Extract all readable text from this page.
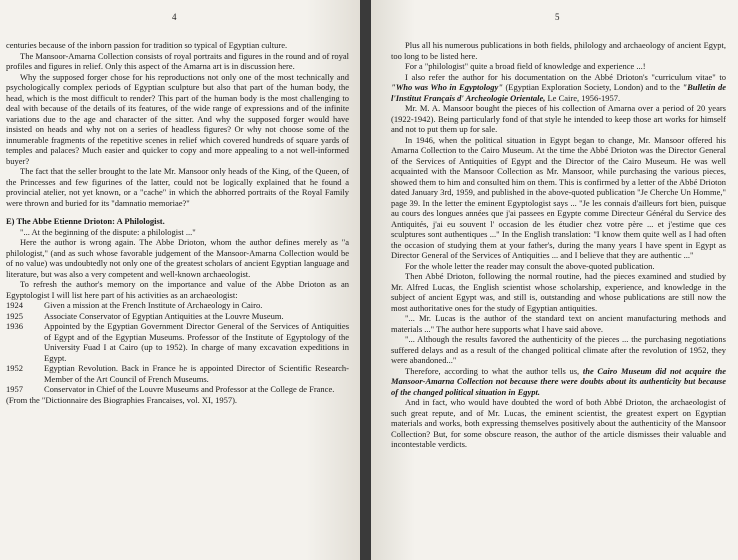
4

centuries because of the inborn passion for tradition so typical of Egyptian culture.

The Mansoor-Amarna Collection consists of royal portraits and figures in the round and of royal profiles and figures in relief. Only this aspect of the Amarna art is in discussion here.

Why the supposed forger chose for his reproductions not only one of the most technically and psychologically complex periods of Egyptian sculpture but also that part of the human body, the head, which is the most difficult to render? This part of the human body is the most challenging to deal with because of the details of its features, of the wide range of expressions and of the infinite variations due to the age and character of the sitter. And why the supposed forger would have insisted on heads and why not on a series of headless figures? Or why not choose some of the innumerable fragments of the repetitive scenes in relief which covered hundreds of square yards of temples and palaces? Much easier and quicker to copy and more appealing to a not well-informed buyer?

The fact that the seller brought to the late Mr. Mansoor only heads of the King, of the Queen, of the Princesses and few figurines of the latter, could not be logically explained that he found a provincial atelier, not yet known, or a "cache" in which the abhorred portraits of the Royal Family were thrown and buried for its "damnatio memoriae?"

E) The Abbe Etienne Drioton: A Philologist.

"... At the beginning of the dispute: a philologist ..."

Here the author is wrong again. The Abbe Drioton, whom the author defines merely as "a philologist," (and as such whose favorable judgement of the Mansoor-Amarna Collection would be of no value) was undoubtedly not only one of the greatest scholars of ancient Egyptian language and literature, but was also a very competent and well-known archaeologist.

To refresh the author's memory on the importance and value of the Abbe Drioton as an Egyptologist I will list here part of his activities as an archaeologist:

1924	Given a mission at the French Institute of Archaeology in Cairo.
1925	Associate Conservator of Egyptian Antiquities at the Louvre Museum.
1936	Appointed by the Egyptian Government Director General of the Services of Antiquities of Egypt and of the Egyptian Museums. Professor of the Institute of Egyptology of the University Fuad I at Cairo (up to 1952). In charge of many excavation expeditions in Egypt.
1952	Egyptian Revolution. Back in France he is appointed Director of Scientific Research-Member of the Art Council of French Museums.
1957	Conservator in Chief of the Louvre Museums and Professor at the College de France.

(From the "Dictionnaire des Biographies Francaises, vol. XI, 1957).

5

Plus all his numerous publications in both fields, philology and archaeology of ancient Egypt, too long to be listed here.

For a "philologist" quite a broad field of knowledge and experience ...!

I also refer the author for his documentation on the Abbé Drioton's "curriculum vitae" to "Who was Who in Egyptology" (Egyptian Exploration Society, London) and to the "Bulletin de l'Institut Français d' Archeologie Orientale, Le Caire, 1956-1957.

Mr. M. A. Mansoor bought the pieces of his collection of Amarna over a period of 20 years (1922-1942). Being particularly fond of that style he intended to keep those art works for himself and not to put them up for sale.

In 1946, when the political situation in Egypt began to change, Mr. Mansoor offered his Amarna Collection to the Cairo Museum. At the time the Abbé Drioton was the Director General of the Services of Antiquities of Egypt and the Director of the Cairo Museum. He was well acquainted with the Mansoor Collection as Mr. Mansoor, while purchasing the various pieces, showed them to him and consulted him on them. This is confirmed by a letter of the Abbé Drioton dated January 3rd, 1959, and published in the above-quoted publication "Je Cherche Un Homme," page 39. In the letter the eminent Egyptologist says ... "Je les connais d'ailleurs fort bien, puisque au cours des longues années que j'ai passees en Egypte comme Directeur Général du Service des Antiquités, j'ai eu souvent l' occasion de les étudier chez votre père ... et j'estime que ces sculptures sont authentiques ..." In the English translation: "I know them quite well as I had often the occasion of studying them at your father's, during the many years I have spent in Egypt as Director General of the Services of Antiquities ... and I believe that they are authentic ..."

For the whole letter the reader may consult the above-quoted publication.

Then Abbé Drioton, following the normal routine, had the pieces examined and studied by Mr. Alfred Lucas, the English scientist whose scholarship, experience, and knowledge in the subject of ancient Egypt was, and still is, outstanding and whose publications are still now the most authoritative ones for the study of Egyptian antiquities.

"... Mr. Lucas is the author of the standard text on ancient manufacturing methods and materials ..." The author here supports what I have said above.

"... Although the results favored the authenticity of the pieces ... the purchasing negotiations suffered delays and as a result of the changed political climate after the revolution of 1952, they were abandoned..."

Therefore, according to what the author tells us, the Cairo Museum did not acquire the Mansoor-Amarna Collection not because there were doubts about its authenticity but because of the changed political situation in Egypt.

And in fact, who would have doubted the word of both Abbé Drioton, the archaeologist of such great repute, and of Mr. Lucas, the eminent scientist, the greatest expert on Egyptian materials and works, both expressing themselves positively about the authenticity of the Mansoor Collection? But, for some obscure reason, the author of the article dismisses their valuable and incontestable verdicts.
